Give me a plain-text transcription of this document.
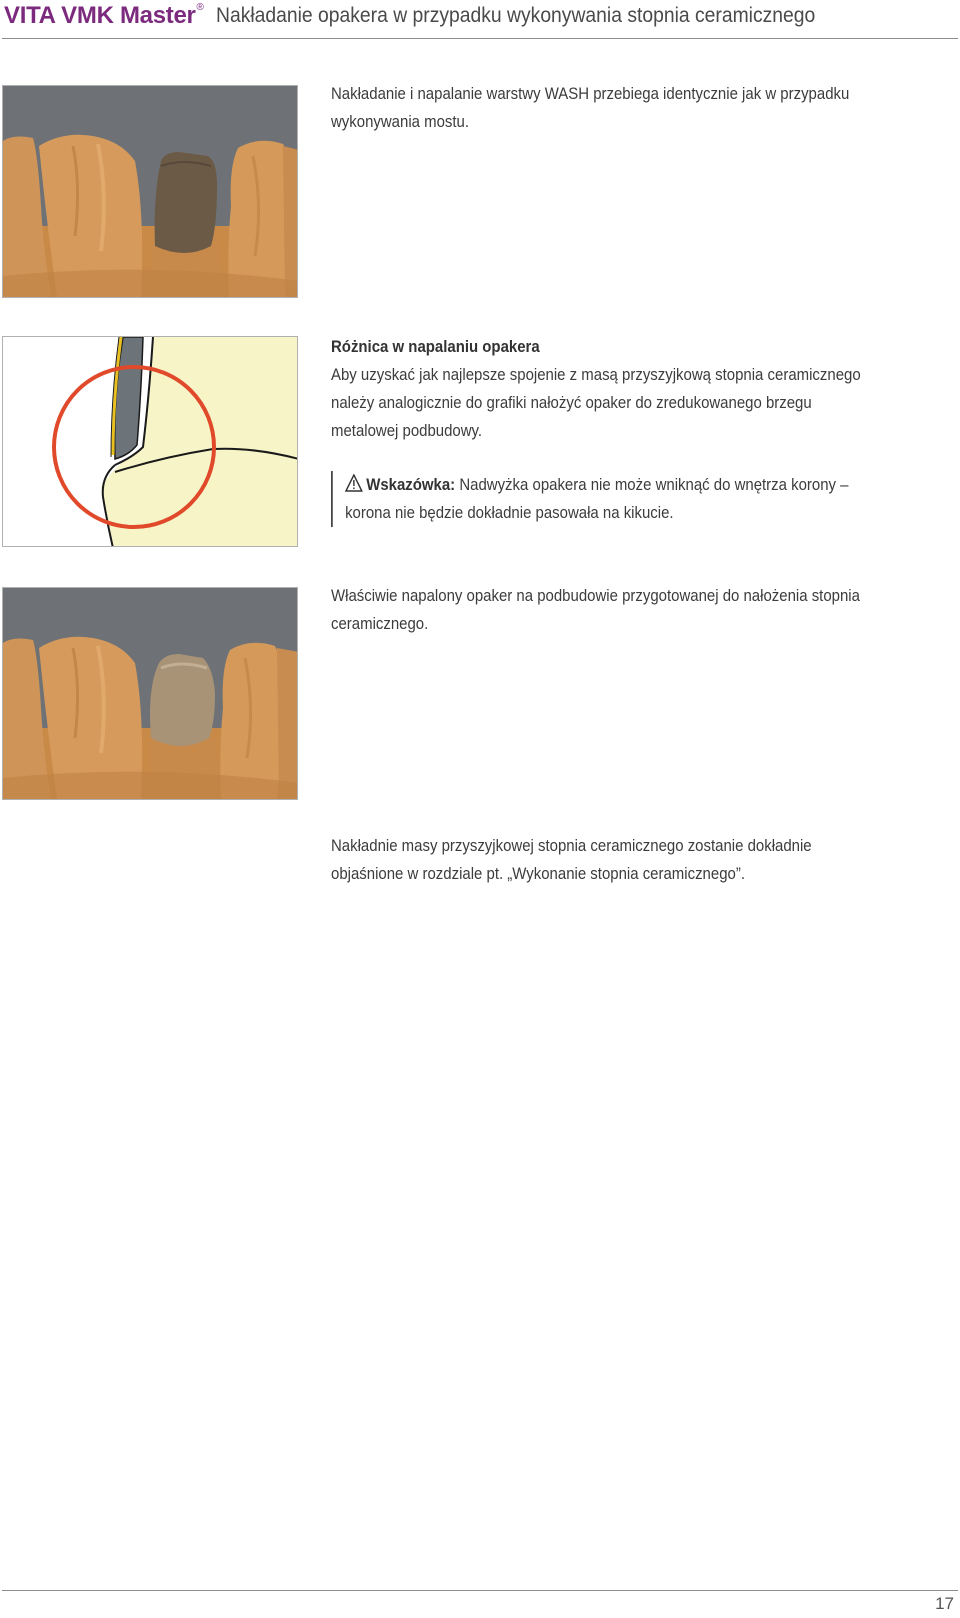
VITA VMK Master® Nakładanie opakera w przypadku wykonywania stopnia ceramicznego
Nakładanie i napalanie warstwy WASH przebiega identycznie jak w przypadku wykonywania mostu.
Różnica w napalaniu opakera
Aby uzyskać jak najlepsze spojenie z masą przyszyjkową stopnia ceramicznego należy analogicznie do grafiki nałożyć opaker do zredukowanego brzegu metalowej podbudowy.
Wskazówka: Nadwyżka opakera nie może wniknąć do wnętrza korony – korona nie będzie dokładnie pasowała na kikucie.
Właściwie napalony opaker na podbudowie przygotowanej do nałożenia stopnia ceramicznego.
Nakładnie masy przyszyjkowej stopnia ceramicznego zostanie dokładnie objaśnione w rozdziale pt. „Wykonanie stopnia ceramicznego”.
17
